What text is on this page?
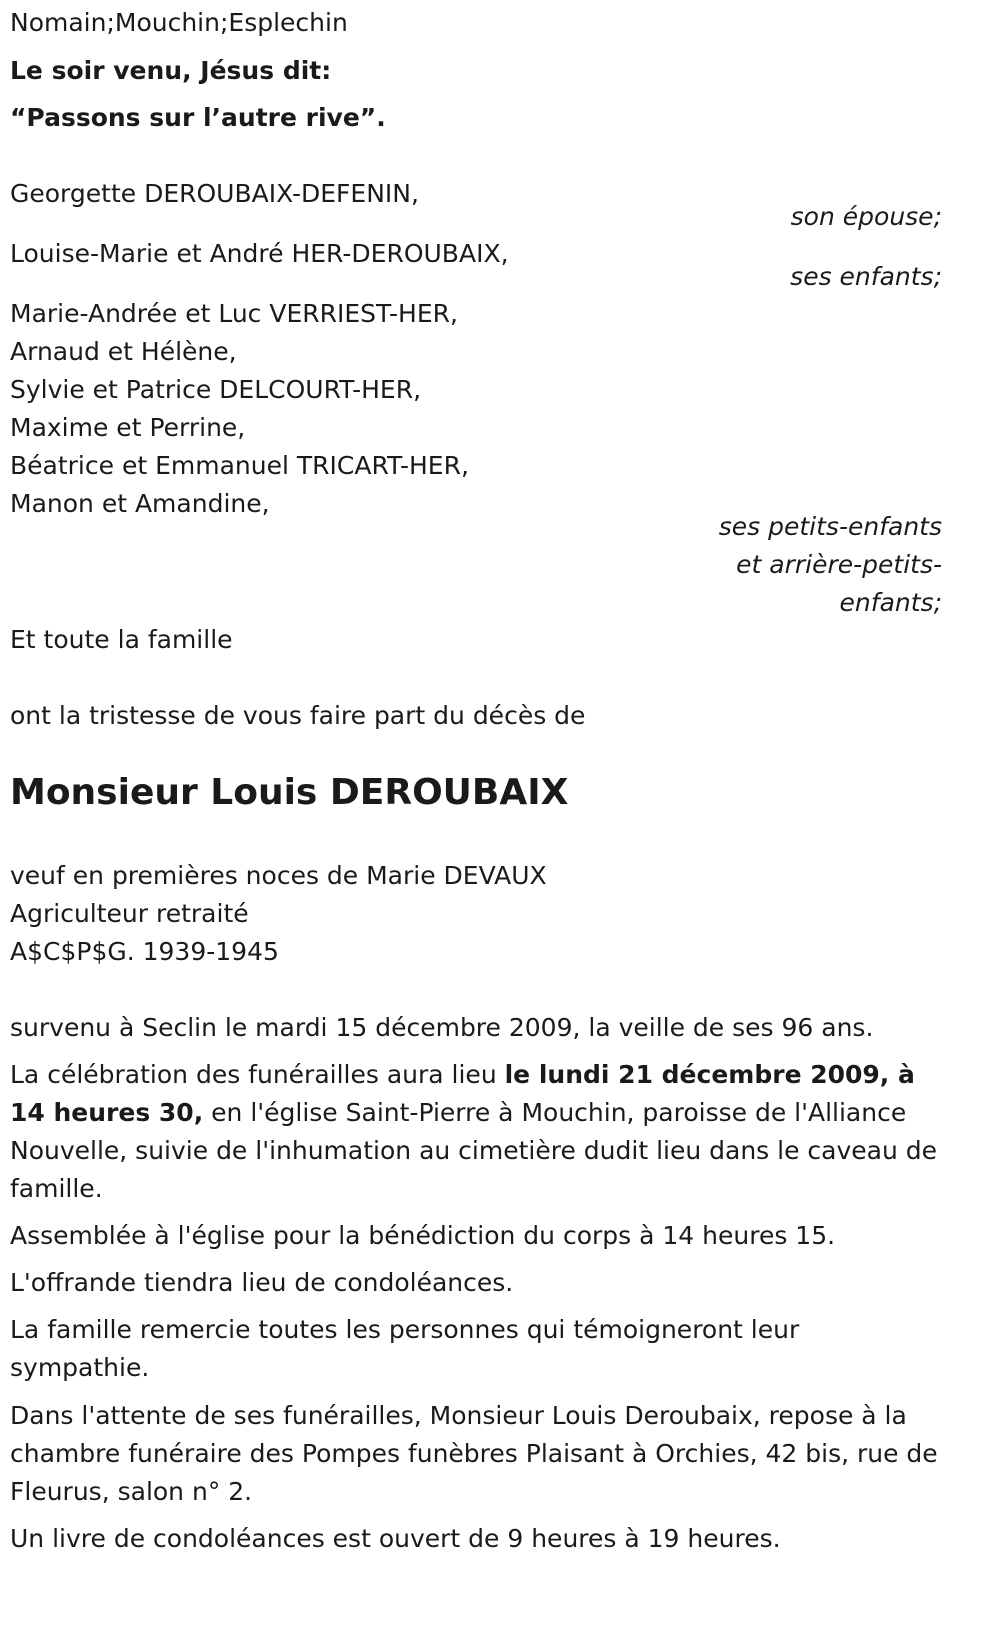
Nomain;Mouchin;Esplechin
Le soir venu, Jésus dit:
“Passons sur l’autre rive”.
Georgette DEROUBAIX-DEFENIN,
son épouse;
Louise-Marie et André HER-DEROUBAIX,
ses enfants;
Marie-Andrée et Luc VERRIEST-HER,
Arnaud et Hélène,
Sylvie et Patrice DELCOURT-HER,
Maxime et Perrine,
Béatrice et Emmanuel TRICART-HER,
Manon et Amandine,
ses petits-enfants
et arrière-petits-
enfants;
Et toute la famille
ont la tristesse de vous faire part du décès de
Monsieur Louis DEROUBAIX
veuf en premières noces de Marie DEVAUX
Agriculteur retraité
A$C$P$G. 1939-1945
survenu à Seclin le mardi 15 décembre 2009, la veille de ses 96 ans.
La célébration des funérailles aura lieu le lundi 21 décembre 2009, à 14 heures 30, en l'église Saint-Pierre à Mouchin, paroisse de l'Alliance Nouvelle, suivie de l'inhumation au cimetière dudit lieu dans le caveau de famille.
Assemblée à l'église pour la bénédiction du corps à 14 heures 15.
L'offrande tiendra lieu de condoléances.
La famille remercie toutes les personnes qui témoigneront leur sympathie.
Dans l'attente de ses funérailles, Monsieur Louis Deroubaix, repose à la chambre funéraire des Pompes funèbres Plaisant à Orchies, 42 bis, rue de Fleurus, salon n° 2.
Un livre de condoléances est ouvert de 9 heures à 19 heures.
